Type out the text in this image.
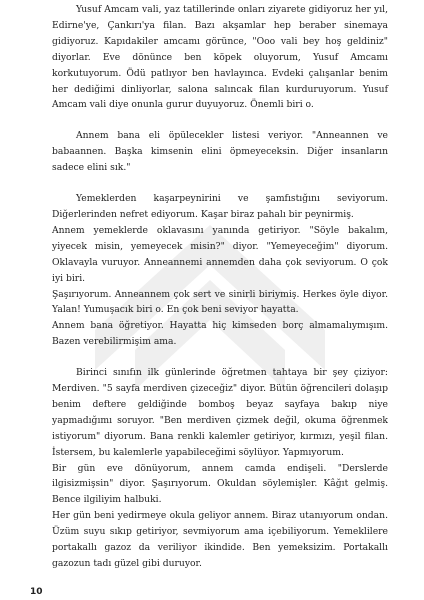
Yusuf Amcam vali, yaz tatillerinde onları ziyarete gidiyoruz her yıl, Edirne'ye, Çankırı'ya filan. Bazı akşamlar hep beraber sinemaya gidiyoruz. Kapıdakiler amcamı görünce, "Ooo vali bey hoş geldiniz" diyorlar. Eve dönünce ben köpek oluyorum, Yusuf Amcamı korkutuyorum. Ödü patlıyor ben havlayınca. Evdeki çalışanlar benim her dediğimi dinliyorlar, salona salıncak filan kurduruyorum. Yusuf Amcam vali diye onunla gurur duyuyoruz. Önemli biri o.

Annem bana eli öpülecekler listesi veriyor. "Anneannen ve babaannen. Başka kimsenin elini öpmeyeceksin. Diğer insanların sadece elini sık."

Yemeklerden kaşarpeynirini ve şamfıstığını seviyorum. Diğerlerinden nefret ediyorum. Kaşar biraz pahalı bir peynirmiş.

Annem yemeklerde oklavasını yanında getiriyor. "Söyle bakalım, yiyecek misin, yemeyecek misin?" diyor. "Yemeyeceğim" diyorum. Oklavayla vuruyor. Anneannemi annemden daha çok seviyorum. O çok iyi biri.

Şaşırıyorum. Anneannem çok sert ve sinirli biriymiş. Herkes öyle diyor. Yalan! Yumuşacık biri o. En çok beni seviyor hayatta.

Annem bana öğretiyor. Hayatta hiç kimseden borç almamalıymışım. Bazen verebilirmişim ama.

Birinci sınıfın ilk günlerinde öğretmen tahtaya bir şey çiziyor: Merdiven. "5 sayfa merdiven çizeceğiz" diyor. Bütün öğrencileri dolaşıp benim deftere geldiğinde bomboş beyaz sayfaya bakıp niye yapmadığımı soruyor. "Ben merdiven çizmek değil, okuma öğrenmek istiyorum" diyorum. Bana renkli kalemler getiriyor, kırmızı, yeşil filan. İstersem, bu kalemlerle yapabileceğimi söylüyor. Yapmıyorum.

Bir gün eve dönüyorum, annem camda endişeli. "Derslerde ilgisizmişsin" diyor. Şaşırıyorum. Okuldan söylemişler. Kâğıt gelmiş. Bence ilgiliyim halbuki.

Her gün beni yedirmeye okula geliyor annem. Biraz utanıyorum ondan. Üzüm suyu sıkıp getiriyor, sevmiyorum ama içebiliyorum. Yemeklilere portakallı gazoz da veriliyor ikindide. Ben yemeksizim. Portakallı gazozun tadı güzel gibi duruyor.

10
